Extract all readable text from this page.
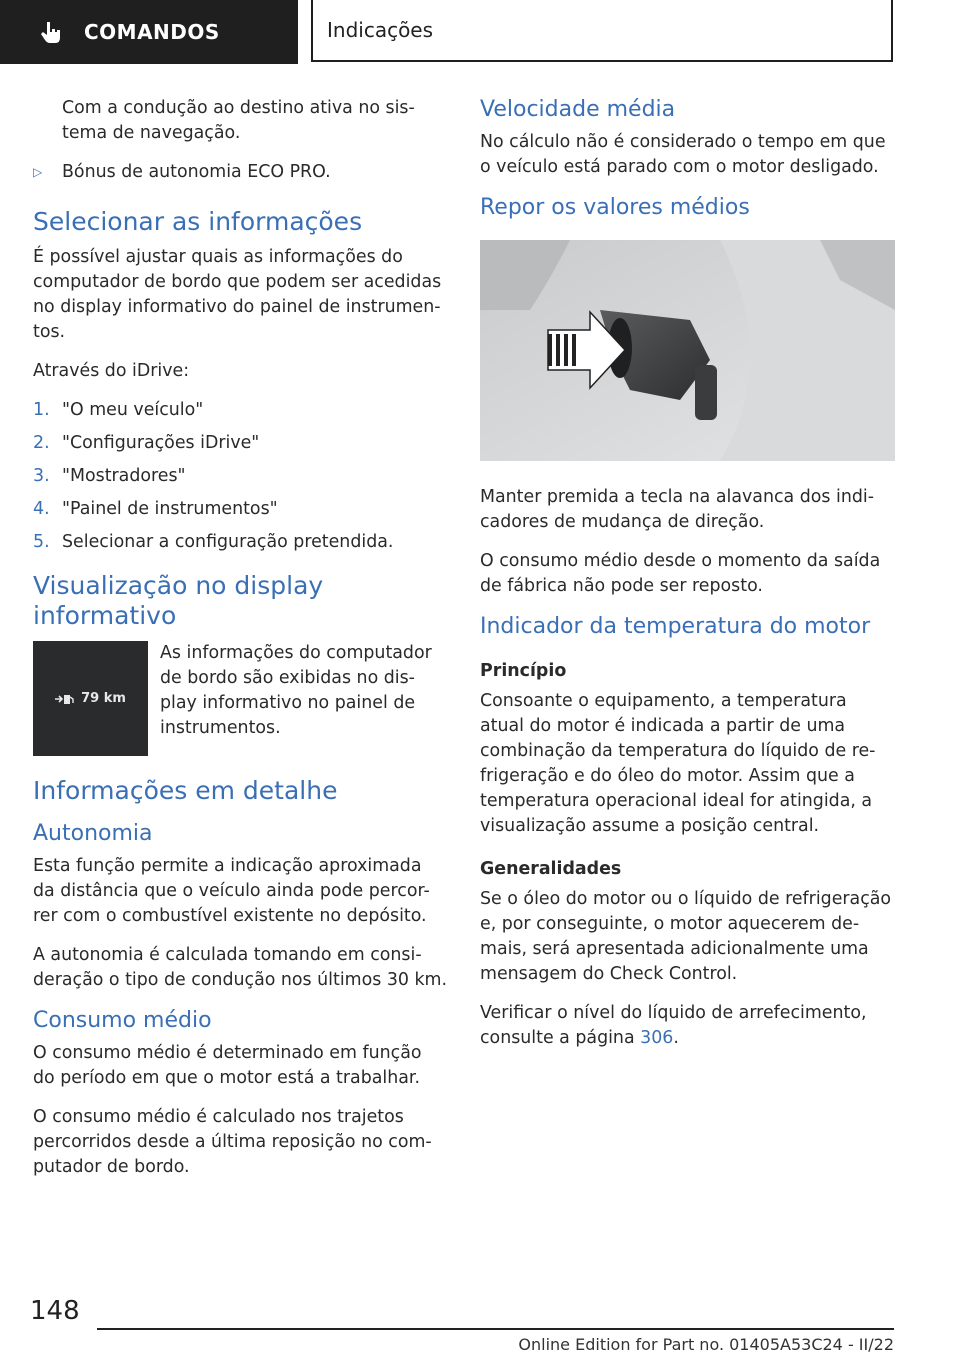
COMANDOS	Indicações

Com a condução ao destino ativa no sis-tema de navegação.

▷	Bónus de autonomia ECO PRO.
Selecionar as informações

É possível ajustar quais as informações do computador de bordo que podem ser acedidas no display informativo do painel de instrumen-tos.

Através do iDrive:

1. "O meu veículo"
2. "Configurações iDrive"
3. "Mostradores"
4. "Painel de instrumentos"
5. Selecionar a configuração pretendida.
Visualização no display informativo
79 km

As informações do computador de bordo são exibidas no dis-play informativo no painel de instrumentos.

Informações em detalhe
Autonomia

Esta função permite a indicação aproximada da distância que o veículo ainda pode percor-rer com o combustível existente no depósito.

A autonomia é calculada tomando em consi-deração o tipo de condução nos últimos 30 km.

Consumo médio

O consumo médio é determinado em função do período em que o motor está a trabalhar.

O consumo médio é calculado nos trajetos percorridos desde a última reposição no com-putador de bordo.

Velocidade média

No cálculo não é considerado o tempo em que o veículo está parado com o motor desligado.

Repor os valores médios

Manter premida a tecla na alavanca dos indi-cadores de mudança de direção.

O consumo médio desde o momento da saída de fábrica não pode ser reposto.

Indicador da temperatura do motor
Princípio

Consoante o equipamento, a temperatura atual do motor é indicada a partir de uma combinação da temperatura do líquido de re-frigeração e do óleo do motor. Assim que a temperatura operacional ideal for atingida, a visualização assume a posição central.

Generalidades

Se o óleo do motor ou o líquido de refrigeração e, por conseguinte, o motor aquecerem de-mais, será apresentada adicionalmente uma mensagem do Check Control.

Verificar o nível do líquido de arrefecimento, consulte a página 306.

148
Online Edition for Part no. 01405A53C24 - II/22
